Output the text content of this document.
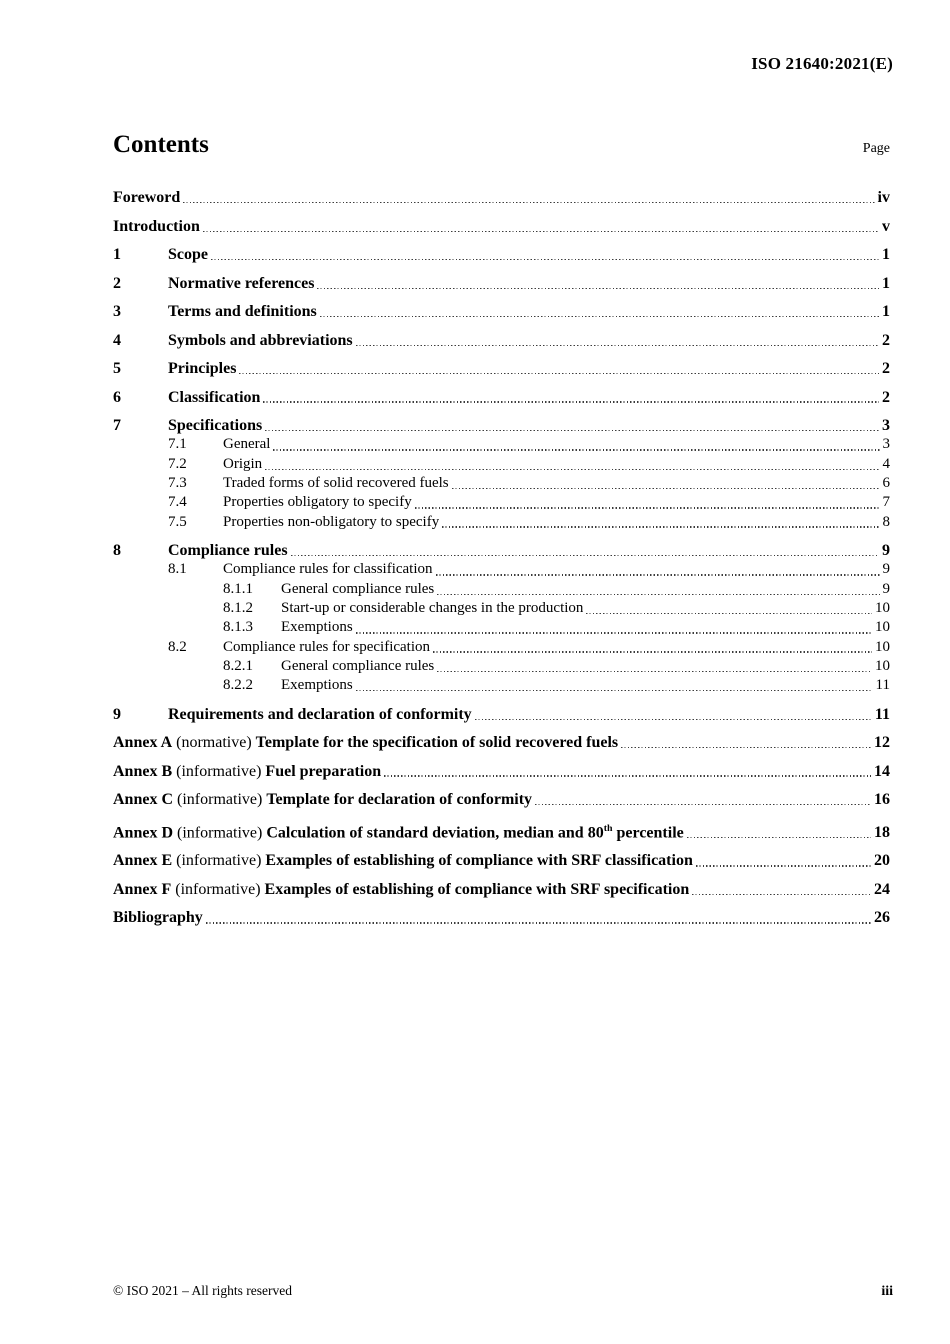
ISO 21640:2021(E)
Contents	Page
Foreword	iv
Introduction	v
1	Scope	1
2	Normative references	1
3	Terms and definitions	1
4	Symbols and abbreviations	2
5	Principles	2
6	Classification	2
7	Specifications	3
7.1	General	3
7.2	Origin	4
7.3	Traded forms of solid recovered fuels	6
7.4	Properties obligatory to specify	7
7.5	Properties non-obligatory to specify	8
8	Compliance rules	9
8.1	Compliance rules for classification	9
8.1.1	General compliance rules	9
8.1.2	Start-up or considerable changes in the production	10
8.1.3	Exemptions	10
8.2	Compliance rules for specification	10
8.2.1	General compliance rules	10
8.2.2	Exemptions	11
9	Requirements and declaration of conformity	11
Annex A (normative) Template for the specification of solid recovered fuels	12
Annex B (informative) Fuel preparation	14
Annex C (informative) Template for declaration of conformity	16
Annex D (informative) Calculation of standard deviation, median and 80th percentile	18
Annex E (informative) Examples of establishing of compliance with SRF classification	20
Annex F (informative) Examples of establishing of compliance with SRF specification	24
Bibliography	26
© ISO 2021 – All rights reserved	iii
